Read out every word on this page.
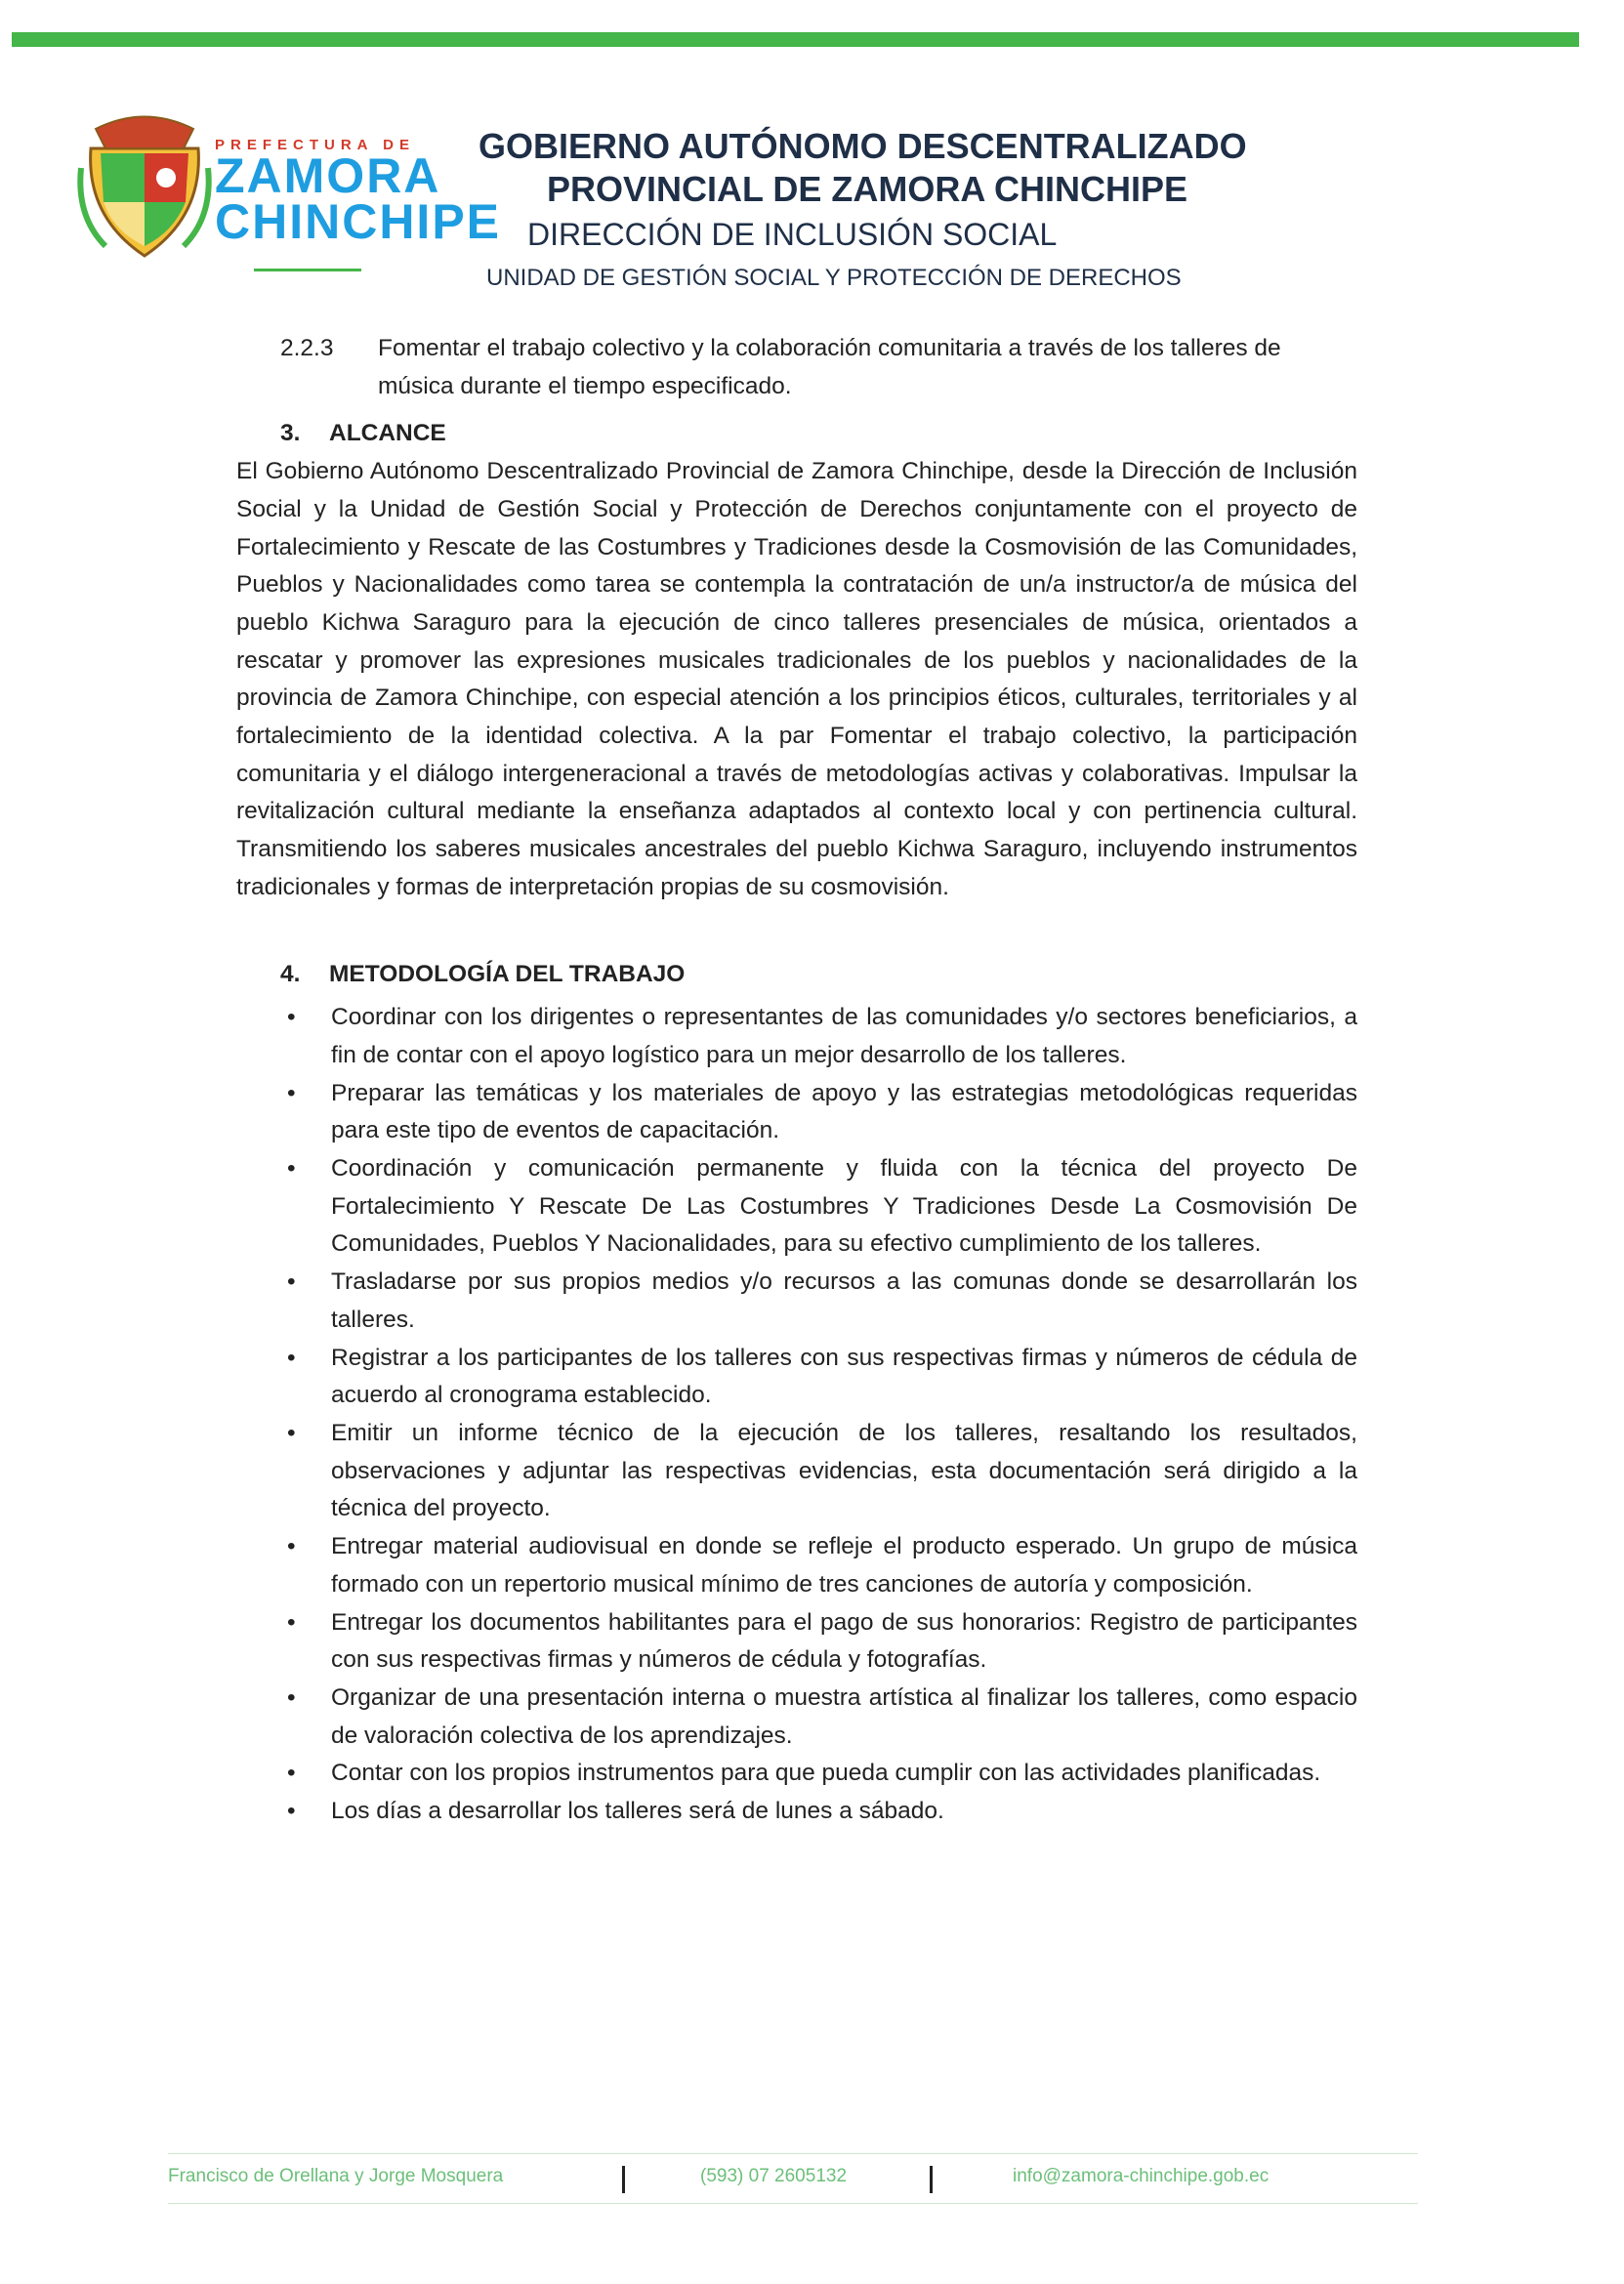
PREFECTURA DE
ZAMORA
CHINCHIPE
GOBIERNO AUTÓNOMO DESCENTRALIZADO
PROVINCIAL DE ZAMORA CHINCHIPE
DIRECCIÓN DE INCLUSIÓN SOCIAL
UNIDAD DE GESTIÓN SOCIAL Y PROTECCIÓN DE DERECHOS
2.2.3	Fomentar el trabajo colectivo y la colaboración comunitaria a través de los talleres de música durante el tiempo especificado.
3. ALCANCE

El Gobierno Autónomo Descentralizado Provincial de Zamora Chinchipe, desde la Dirección de Inclusión Social y la Unidad de Gestión Social y Protección de Derechos conjuntamente con el proyecto de Fortalecimiento y Rescate de las Costumbres y Tradiciones desde la Cosmovisión de las Comunidades, Pueblos y Nacionalidades como tarea se contempla la contratación de un/a instructor/a de música del pueblo Kichwa Saraguro para la ejecución de cinco talleres presenciales de música, orientados a rescatar y promover las expresiones musicales tradicionales de los pueblos y nacionalidades de la provincia de Zamora Chinchipe, con especial atención a los principios éticos, culturales, territoriales y al fortalecimiento de la identidad colectiva. A la par Fomentar el trabajo colectivo, la participación comunitaria y el diálogo intergeneracional a través de metodologías activas y colaborativas. Impulsar la revitalización cultural mediante la enseñanza adaptados al contexto local y con pertinencia cultural. Transmitiendo los saberes musicales ancestrales del pueblo Kichwa Saraguro, incluyendo instrumentos tradicionales y formas de interpretación propias de su cosmovisión.

4. METODOLOGÍA DEL TRABAJO
• Coordinar con los dirigentes o representantes de las comunidades y/o sectores beneficiarios, a fin de contar con el apoyo logístico para un mejor desarrollo de los talleres.
• Preparar las temáticas y los materiales de apoyo y las estrategias metodológicas requeridas para este tipo de eventos de capacitación.
• Coordinación y comunicación permanente y fluida con la técnica del proyecto De Fortalecimiento Y Rescate De Las Costumbres Y Tradiciones Desde La Cosmovisión De Comunidades, Pueblos Y Nacionalidades, para su efectivo cumplimiento de los talleres.
• Trasladarse por sus propios medios y/o recursos a las comunas donde se desarrollarán los talleres.
• Registrar a los participantes de los talleres con sus respectivas firmas y números de cédula de acuerdo al cronograma establecido.
• Emitir un informe técnico de la ejecución de los talleres, resaltando los resultados, observaciones y adjuntar las respectivas evidencias, esta documentación será dirigido a la técnica del proyecto.
• Entregar material audiovisual en donde se refleje el producto esperado. Un grupo de música formado con un repertorio musical mínimo de tres canciones de autoría y composición.
• Entregar los documentos habilitantes para el pago de sus honorarios: Registro de participantes con sus respectivas firmas y números de cédula y fotografías.
• Organizar de una presentación interna o muestra artística al finalizar los talleres, como espacio de valoración colectiva de los aprendizajes.
• Contar con los propios instrumentos para que pueda cumplir con las actividades planificadas.
• Los días a desarrollar los talleres será de lunes a sábado.
Francisco de Orellana y Jorge Mosquera	(593) 07 2605132	info@zamora-chinchipe.gob.ec
